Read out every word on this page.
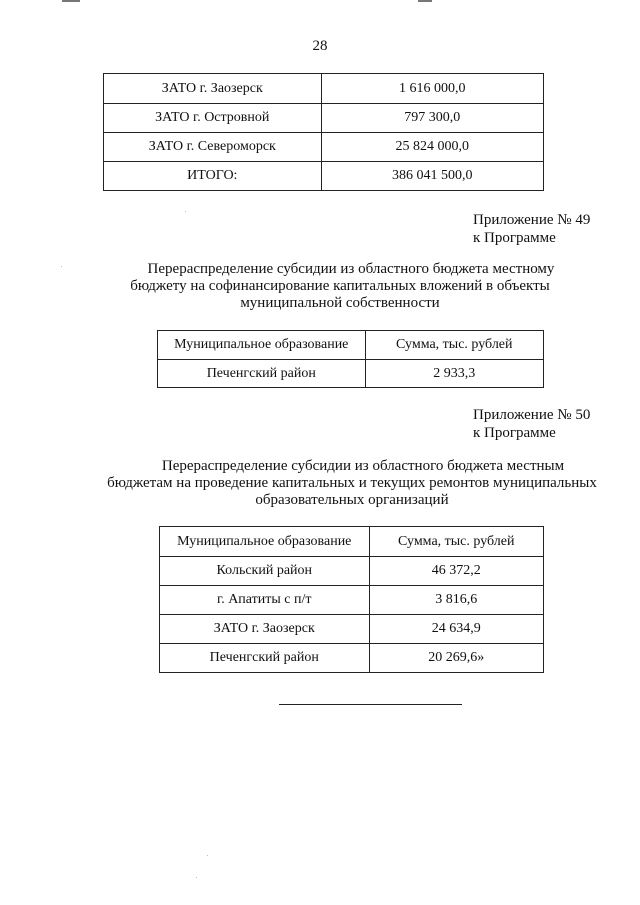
28
ЗАТО г. Заозерск	1 616 000,0
ЗАТО г. Островной	797 300,0
ЗАТО г. Североморск	25 824 000,0
ИТОГО:	386 041 500,0
Приложение № 49
к Программе
Перераспределение субсидии из областного бюджета местному
бюджету на софинансирование капитальных вложений в объекты
муниципальной собственности
Муниципальное образование	Сумма, тыс. рублей
Печенгский район	2 933,3
Приложение № 50
к Программе
Перераспределение субсидии из областного бюджета местным
бюджетам на проведение капитальных и текущих ремонтов муниципальных
образовательных организаций
Муниципальное образование	Сумма, тыс. рублей
Кольский район	46 372,2
г. Апатиты с п/т	3 816,6
ЗАТО г. Заозерск	24 634,9
Печенгский район	20 269,6»
